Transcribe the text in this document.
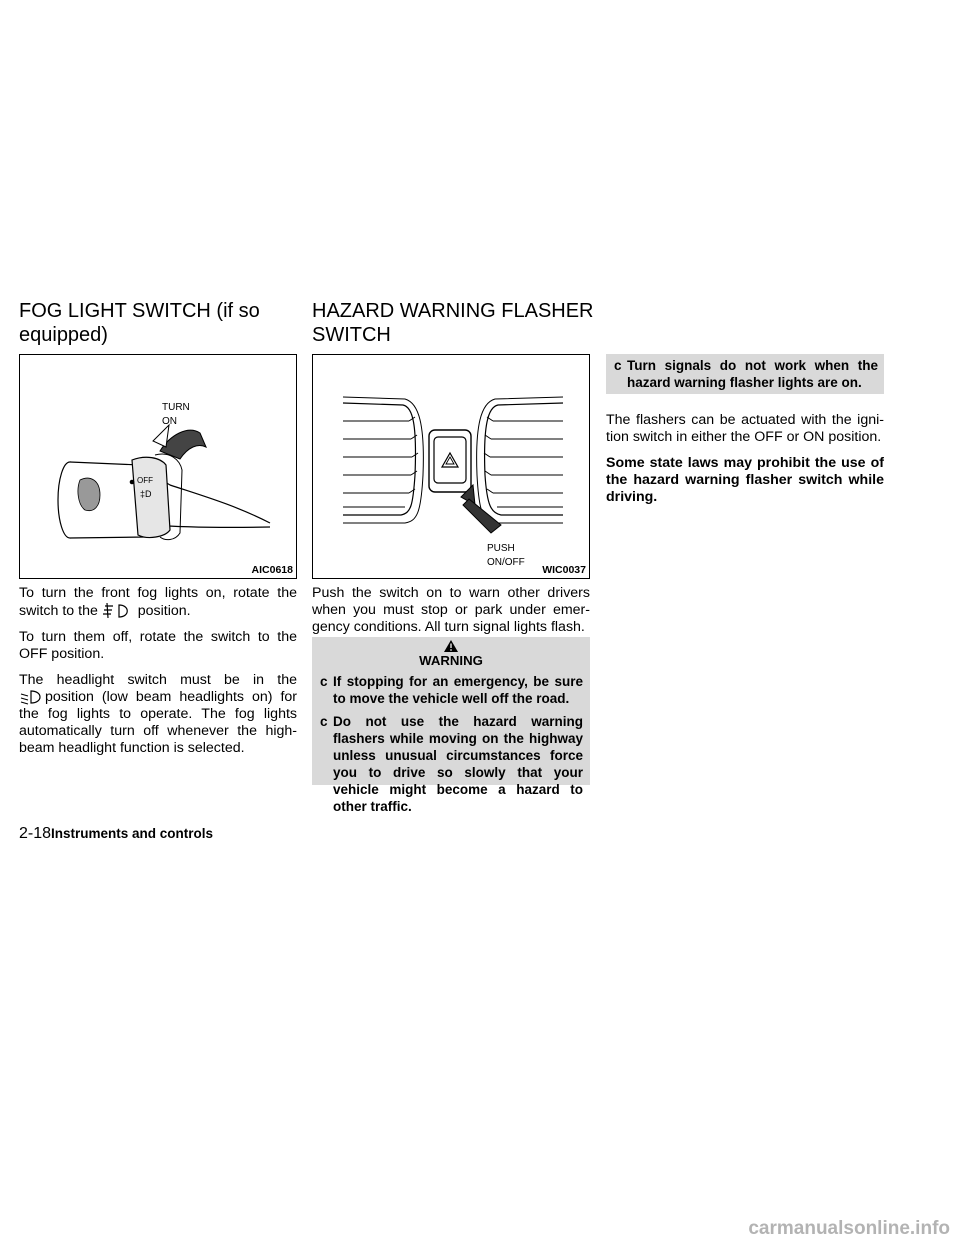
FOG LIGHT SWITCH (if so equipped)
TURN
ON
OFF
‡D
AIC0618

To turn the front fog lights on, rotate the

switch to the	position.

To turn them off, rotate the switch to the OFF position.

The headlight switch must be in the

position (low beam headlights on) for the fog lights to operate. The fog lights automatically turn off whenever the high-beam headlight function is selected.

HAZARD WARNING FLASHER SWITCH
PUSH
ON/OFF
WIC0037

Push the switch on to warn other drivers when you must stop or park under emer-gency conditions. All turn signal lights flash.

WARNING
c If stopping for an emergency, be sure to move the vehicle well off the road.
c Do not use the hazard warning flashers while moving on the highway unless unusual circumstances force you to drive so slowly that your vehicle might become a hazard to other traffic.
c Turn signals do not work when the hazard warning flasher lights are on.

The flashers can be actuated with the igni-tion switch in either the OFF or ON position.

Some state laws may prohibit the use of the hazard warning flasher switch while driving.

2-18Instruments and controls
carmanualsonline.info
